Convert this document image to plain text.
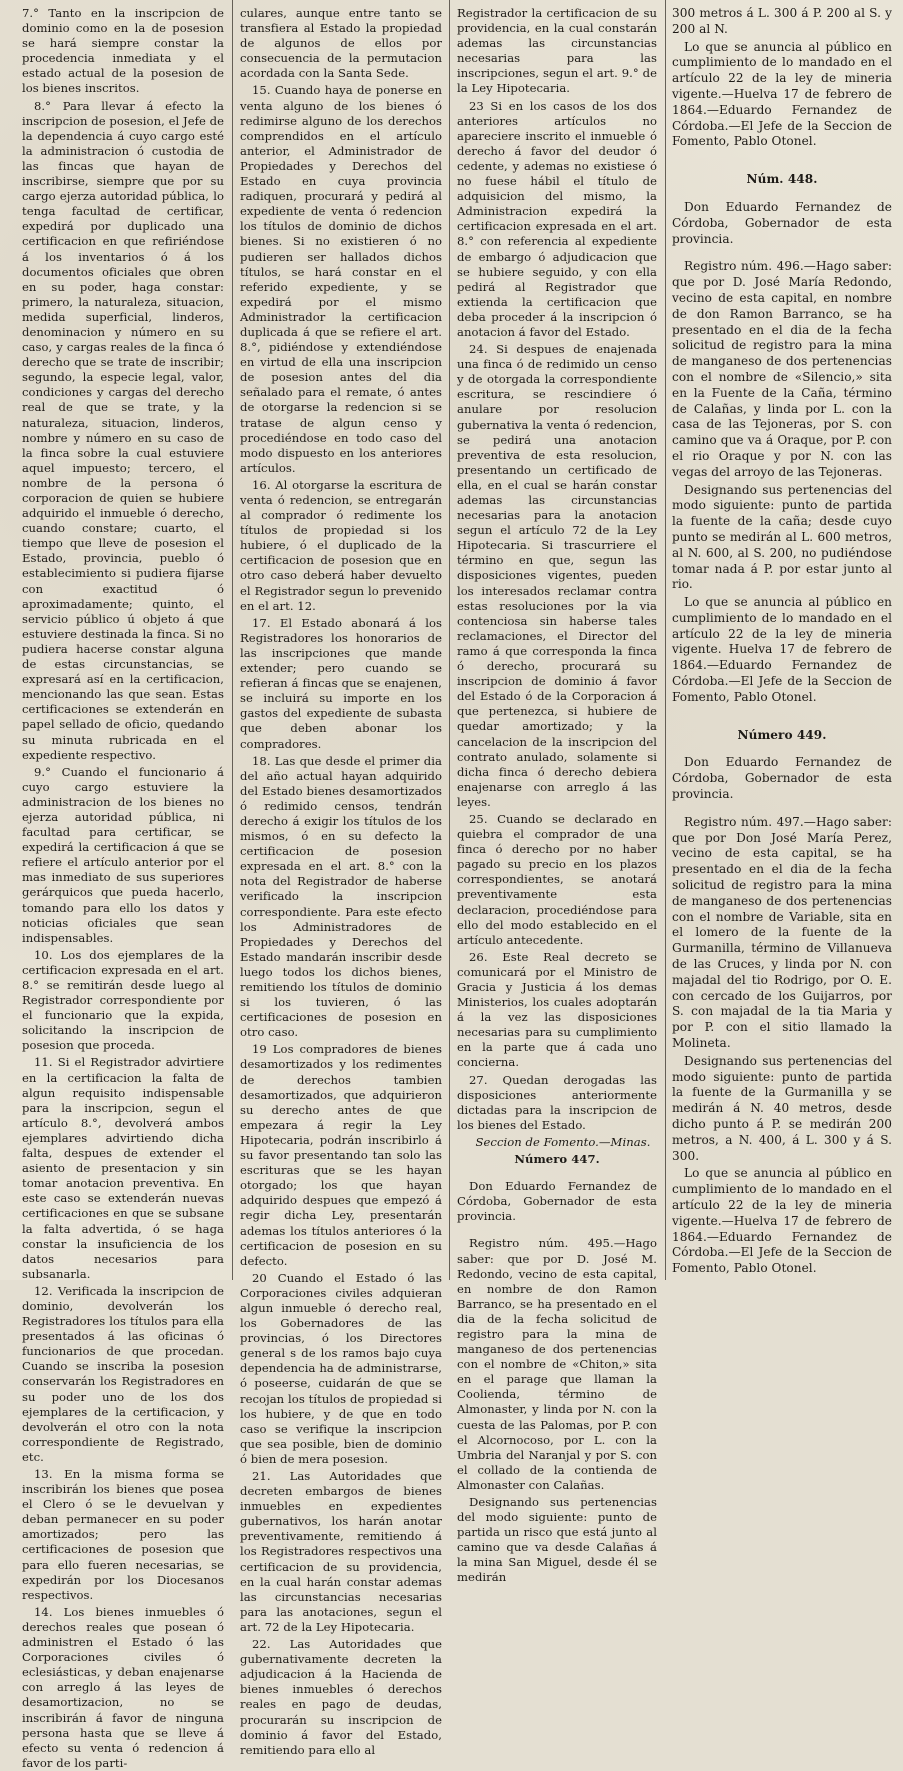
7.° Tanto en la inscripcion de dominio como en la de posesion se hará siempre constar la procedencia inmediata y el estado actual de la posesion de los bienes inscritos.

8.° Para llevar á efecto la inscripcion de posesion, el Jefe de la dependencia á cuyo cargo esté la administracion ó custodia de las fincas que hayan de inscribirse, siempre que por su cargo ejerza autoridad pública, lo tenga facultad de certificar, expedirá por duplicado una certificacion en que refiriéndose á los inventarios ó á los documentos oficiales que obren en su poder, haga constar: primero, la naturaleza, situacion, medida superficial, linderos, denominacion y número en su caso, y cargas reales de la finca ó derecho que se trate de inscribir; segundo, la especie legal, valor, condiciones y cargas del derecho real de que se trate, y la naturaleza, situacion, linderos, nombre y número en su caso de la finca sobre la cual estuviere aquel impuesto; tercero, el nombre de la persona ó corporacion de quien se hubiere adquirido el inmueble ó derecho, cuando constare; cuarto, el tiempo que lleve de posesion el Estado, provincia, pueblo ó establecimiento si pudiera fijarse con exactitud ó aproximadamente; quinto, el servicio público ú objeto á que estuviere destinada la finca. Si no pudiera hacerse constar alguna de estas circunstancias, se expresará así en la certificacion, mencionando las que sean. Estas certificaciones se extenderán en papel sellado de oficio, quedando su minuta rubricada en el expediente respectivo.

9.° Cuando el funcionario á cuyo cargo estuviere la administracion de los bienes no ejerza autoridad pública, ni facultad para certificar, se expedirá la certificacion á que se refiere el artículo anterior por el mas inmediato de sus superiores gerárquicos que pueda hacerlo, tomando para ello los datos y noticias oficiales que sean indispensables.

10. Los dos ejemplares de la certificacion expresada en el art. 8.° se remitirán desde luego al Registrador correspondiente por el funcionario que la expida, solicitando la inscripcion de posesion que proceda.

11. Si el Registrador advirtiere en la certificacion la falta de algun requisito indispensable para la inscripcion, segun el artículo 8.°, devolverá ambos ejemplares advirtiendo dicha falta, despues de extender el asiento de presentacion y sin tomar anotacion preventiva. En este caso se extenderán nuevas certificaciones en que se subsane la falta advertida, ó se haga constar la insuficiencia de los datos necesarios para subsanarla.

12. Verificada la inscripcion de dominio, devolverán los Registradores los títulos para ella presentados á las oficinas ó funcionarios de que procedan. Cuando se inscriba la posesion conservarán los Registradores en su poder uno de los dos ejemplares de la certificacion, y devolverán el otro con la nota correspondiente de Registrado, etc.

13. En la misma forma se inscribirán los bienes que posea el Clero ó se le devuelvan y deban permanecer en su poder amortizados; pero las certificaciones de posesion que para ello fueren necesarias, se expedirán por los Diocesanos respectivos.

14. Los bienes inmuebles ó derechos reales que posean ó administren el Estado ó las Corporaciones civiles ó eclesiásticas, y deban enajenarse con arreglo á las leyes de desamortizacion, no se inscribirán á favor de ninguna persona hasta que se lleve á efecto su venta ó redencion á favor de los parti-

culares, aunque entre tanto se transfiera al Estado la propiedad de algunos de ellos por consecuencia de la permutacion acordada con la Santa Sede.

15. Cuando haya de ponerse en venta alguno de los bienes ó redimirse alguno de los derechos comprendidos en el artículo anterior, el Administrador de Propiedades y Derechos del Estado en cuya provincia radiquen, procurará y pedirá al expediente de venta ó redencion los títulos de dominio de dichos bienes. Si no existieren ó no pudieren ser hallados dichos títulos, se hará constar en el referido expediente, y se expedirá por el mismo Administrador la certificacion duplicada á que se refiere el art. 8.°, pidiéndose y extendiéndose en virtud de ella una inscripcion de posesion antes del dia señalado para el remate, ó antes de otorgarse la redencion si se tratase de algun censo y procediéndose en todo caso del modo dispuesto en los anteriores artículos.

16. Al otorgarse la escritura de venta ó redencion, se entregarán al comprador ó redimente los títulos de propiedad si los hubiere, ó el duplicado de la certificacion de posesion que en otro caso deberá haber devuelto el Registrador segun lo prevenido en el art. 12.

17. El Estado abonará á los Registradores los honorarios de las inscripciones que mande extender; pero cuando se refieran á fincas que se enajenen, se incluirá su importe en los gastos del expediente de subasta que deben abonar los compradores.

18. Las que desde el primer dia del año actual hayan adquirido del Estado bienes desamortizados ó redimido censos, tendrán derecho á exigir los títulos de los mismos, ó en su defecto la certificacion de posesion expresada en el art. 8.° con la nota del Registrador de haberse verificado la inscripcion correspondiente. Para este efecto los Administradores de Propiedades y Derechos del Estado mandarán inscribir desde luego todos los dichos bienes, remitiendo los títulos de dominio si los tuvieren, ó las certificaciones de posesion en otro caso.

19 Los compradores de bienes desamortizados y los redimentes de derechos tambien desamortizados, que adquirieron su derecho antes de que empezara á regir la Ley Hipotecaria, podrán inscribirlo á su favor presentando tan solo las escrituras que se les hayan otorgado; los que hayan adquirido despues que empezó á regir dicha Ley, presentarán ademas los títulos anteriores ó la certificacion de posesion en su defecto.

20 Cuando el Estado ó las Corporaciones civiles adquieran algun inmueble ó derecho real, los Gobernadores de las provincias, ó los Directores general s de los ramos bajo cuya dependencia ha de administrarse, ó poseerse, cuidarán de que se recojan los títulos de propiedad si los hubiere, y de que en todo caso se verifique la inscripcion que sea posible, bien de dominio ó bien de mera posesion.

21. Las Autoridades que decreten embargos de bienes inmuebles en expedientes gubernativos, los harán anotar preventivamente, remitiendo á los Registradores respectivos una certificacion de su providencia, en la cual harán constar ademas las circunstancias necesarias para las anotaciones, segun el art. 72 de la Ley Hipotecaria.

22. Las Autoridades que gubernativamente decreten la adjudicacion á la Hacienda de bienes inmuebles ó derechos reales en pago de deudas, procurarán su inscripcion de dominio á favor del Estado, remitiendo para ello al

Registrador la certificacion de su providencia, en la cual constarán ademas las circunstancias necesarias para las inscripciones, segun el art. 9.° de la Ley Hipotecaria.

23 Si en los casos de los dos anteriores artículos no apareciere inscrito el inmueble ó derecho á favor del deudor ó cedente, y ademas no existiese ó no fuese hábil el título de adquisicion del mismo, la Administracion expedirá la certificacion expresada en el art. 8.° con referencia al expediente de embargo ó adjudicacion que se hubiere seguido, y con ella pedirá al Registrador que extienda la certificacion que deba proceder á la inscripcion ó anotacion á favor del Estado.

24. Si despues de enajenada una finca ó de redimido un censo y de otorgada la correspondiente escritura, se rescindiere ó anulare por resolucion gubernativa la venta ó redencion, se pedirá una anotacion preventiva de esta resolucion, presentando un certificado de ella, en el cual se harán constar ademas las circunstancias necesarias para la anotacion segun el artículo 72 de la Ley Hipotecaria. Si trascurriere el término en que, segun las disposiciones vigentes, pueden los interesados reclamar contra estas resoluciones por la via contenciosa sin haberse tales reclamaciones, el Director del ramo á que corresponda la finca ó derecho, procurará su inscripcion de dominio á favor del Estado ó de la Corporacion á que pertenezca, si hubiere de quedar amortizado; y la cancelacion de la inscripcion del contrato anulado, solamente si dicha finca ó derecho debiera enajenarse con arreglo á las leyes.

25. Cuando se declarado en quiebra el comprador de una finca ó derecho por no haber pagado su precio en los plazos correspondientes, se anotará preventivamente esta declaracion, procediéndose para ello del modo establecido en el artículo antecedente.

26. Este Real decreto se comunicará por el Ministro de Gracia y Justicia á los demas Ministerios, los cuales adoptarán á la vez las disposiciones necesarias para su cumplimiento en la parte que á cada uno concierna.

27. Quedan derogadas las disposiciones anteriormente dictadas para la inscripcion de los bienes del Estado.

Seccion de Fomento.—Minas.

Número 447.

Don Eduardo Fernandez de Córdoba, Gobernador de esta provincia.

Registro núm. 495.—Hago saber: que por D. José M. Redondo, vecino de esta capital, en nombre de don Ramon Barranco, se ha presentado en el dia de la fecha solicitud de registro para la mina de manganeso de dos pertenencias con el nombre de «Chiton,» sita en el parage que llaman la Coolienda, término de Almonaster, y linda por N. con la cuesta de las Palomas, por P. con el Alcornocoso, por L. con la Umbria del Naranjal y por S. con el collado de la contienda de Almonaster con Calañas.

Designando sus pertenencias del modo siguiente: punto de partida un risco que está junto al camino que va desde Calañas á la mina San Miguel, desde él se medirán

300 metros á L. 300 á P. 200 al S. y 200 al N.

Lo que se anuncia al público en cumplimiento de lo mandado en el artículo 22 de la ley de mineria vigente.—Huelva 17 de febrero de 1864.—Eduardo Fernandez de Córdoba.—El Jefe de la Seccion de Fomento, Pablo Otonel.

Núm. 448.

Don Eduardo Fernandez de Córdoba, Gobernador de esta provincia.

Registro núm. 496.—Hago saber: que por D. José María Redondo, vecino de esta capital, en nombre de don Ramon Barranco, se ha presentado en el dia de la fecha solicitud de registro para la mina de manganeso de dos pertenencias con el nombre de «Silencio,» sita en la Fuente de la Caña, término de Calañas, y linda por L. con la casa de las Tejoneras, por S. con camino que va á Oraque, por P. con el rio Oraque y por N. con las vegas del arroyo de las Tejoneras.

Designando sus pertenencias del modo siguiente: punto de partida la fuente de la caña; desde cuyo punto se medirán al L. 600 metros, al N. 600, al S. 200, no pudiéndose tomar nada á P. por estar junto al rio.

Lo que se anuncia al público en cumplimiento de lo mandado en el artículo 22 de la ley de mineria vigente. Huelva 17 de febrero de 1864.—Eduardo Fernandez de Córdoba.—El Jefe de la Seccion de Fomento, Pablo Otonel.

Número 449.

Don Eduardo Fernandez de Córdoba, Gobernador de esta provincia.

Registro núm. 497.—Hago saber: que por Don José María Perez, vecino de esta capital, se ha presentado en el dia de la fecha solicitud de registro para la mina de manganeso de dos pertenencias con el nombre de Variable, sita en el lomero de la fuente de la Gurmanilla, término de Villanueva de las Cruces, y linda por N. con majadal del tio Rodrigo, por O. E. con cercado de los Guijarros, por S. con majadal de la tia Maria y por P. con el sitio llamado la Molineta.

Designando sus pertenencias del modo siguiente: punto de partida la fuente de la Gurmanilla y se medirán á N. 40 metros, desde dicho punto á P. se medirán 200 metros, a N. 400, á L. 300 y á S. 300.

Lo que se anuncia al público en cumplimiento de lo mandado en el artículo 22 de la ley de mineria vigente.—Huelva 17 de febrero de 1864.—Eduardo Fernandez de Córdoba.—El Jefe de la Seccion de Fomento, Pablo Otonel.
